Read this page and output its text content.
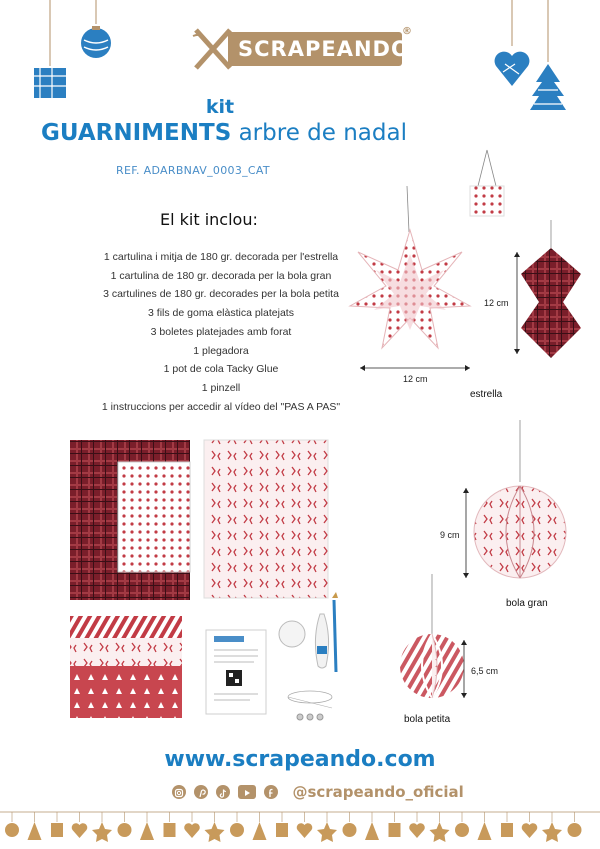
SCRAPEANDO
®
kit
GUARNIMENTS arbre de nadal
REF. ADARBNAV_0003_CAT
El kit inclou:
1 cartulina i mitja de 180 gr. decorada per l'estrella
1 cartulina de 180 gr. decorada per la bola gran
3 cartulines de 180 gr. decorades per la bola petita
3 fils de goma elàstica platejats
3 boletes platejades amb forat
1 plegadora
1 pot de cola Tacky Glue
1 pinzell
1 instruccions per accedir al vídeo del "PAS A PAS"
12 cm
12 cm
estrella
9 cm
bola gran
6,5 cm
bola petita
www.scrapeando.com
@scrapeando_oficial
